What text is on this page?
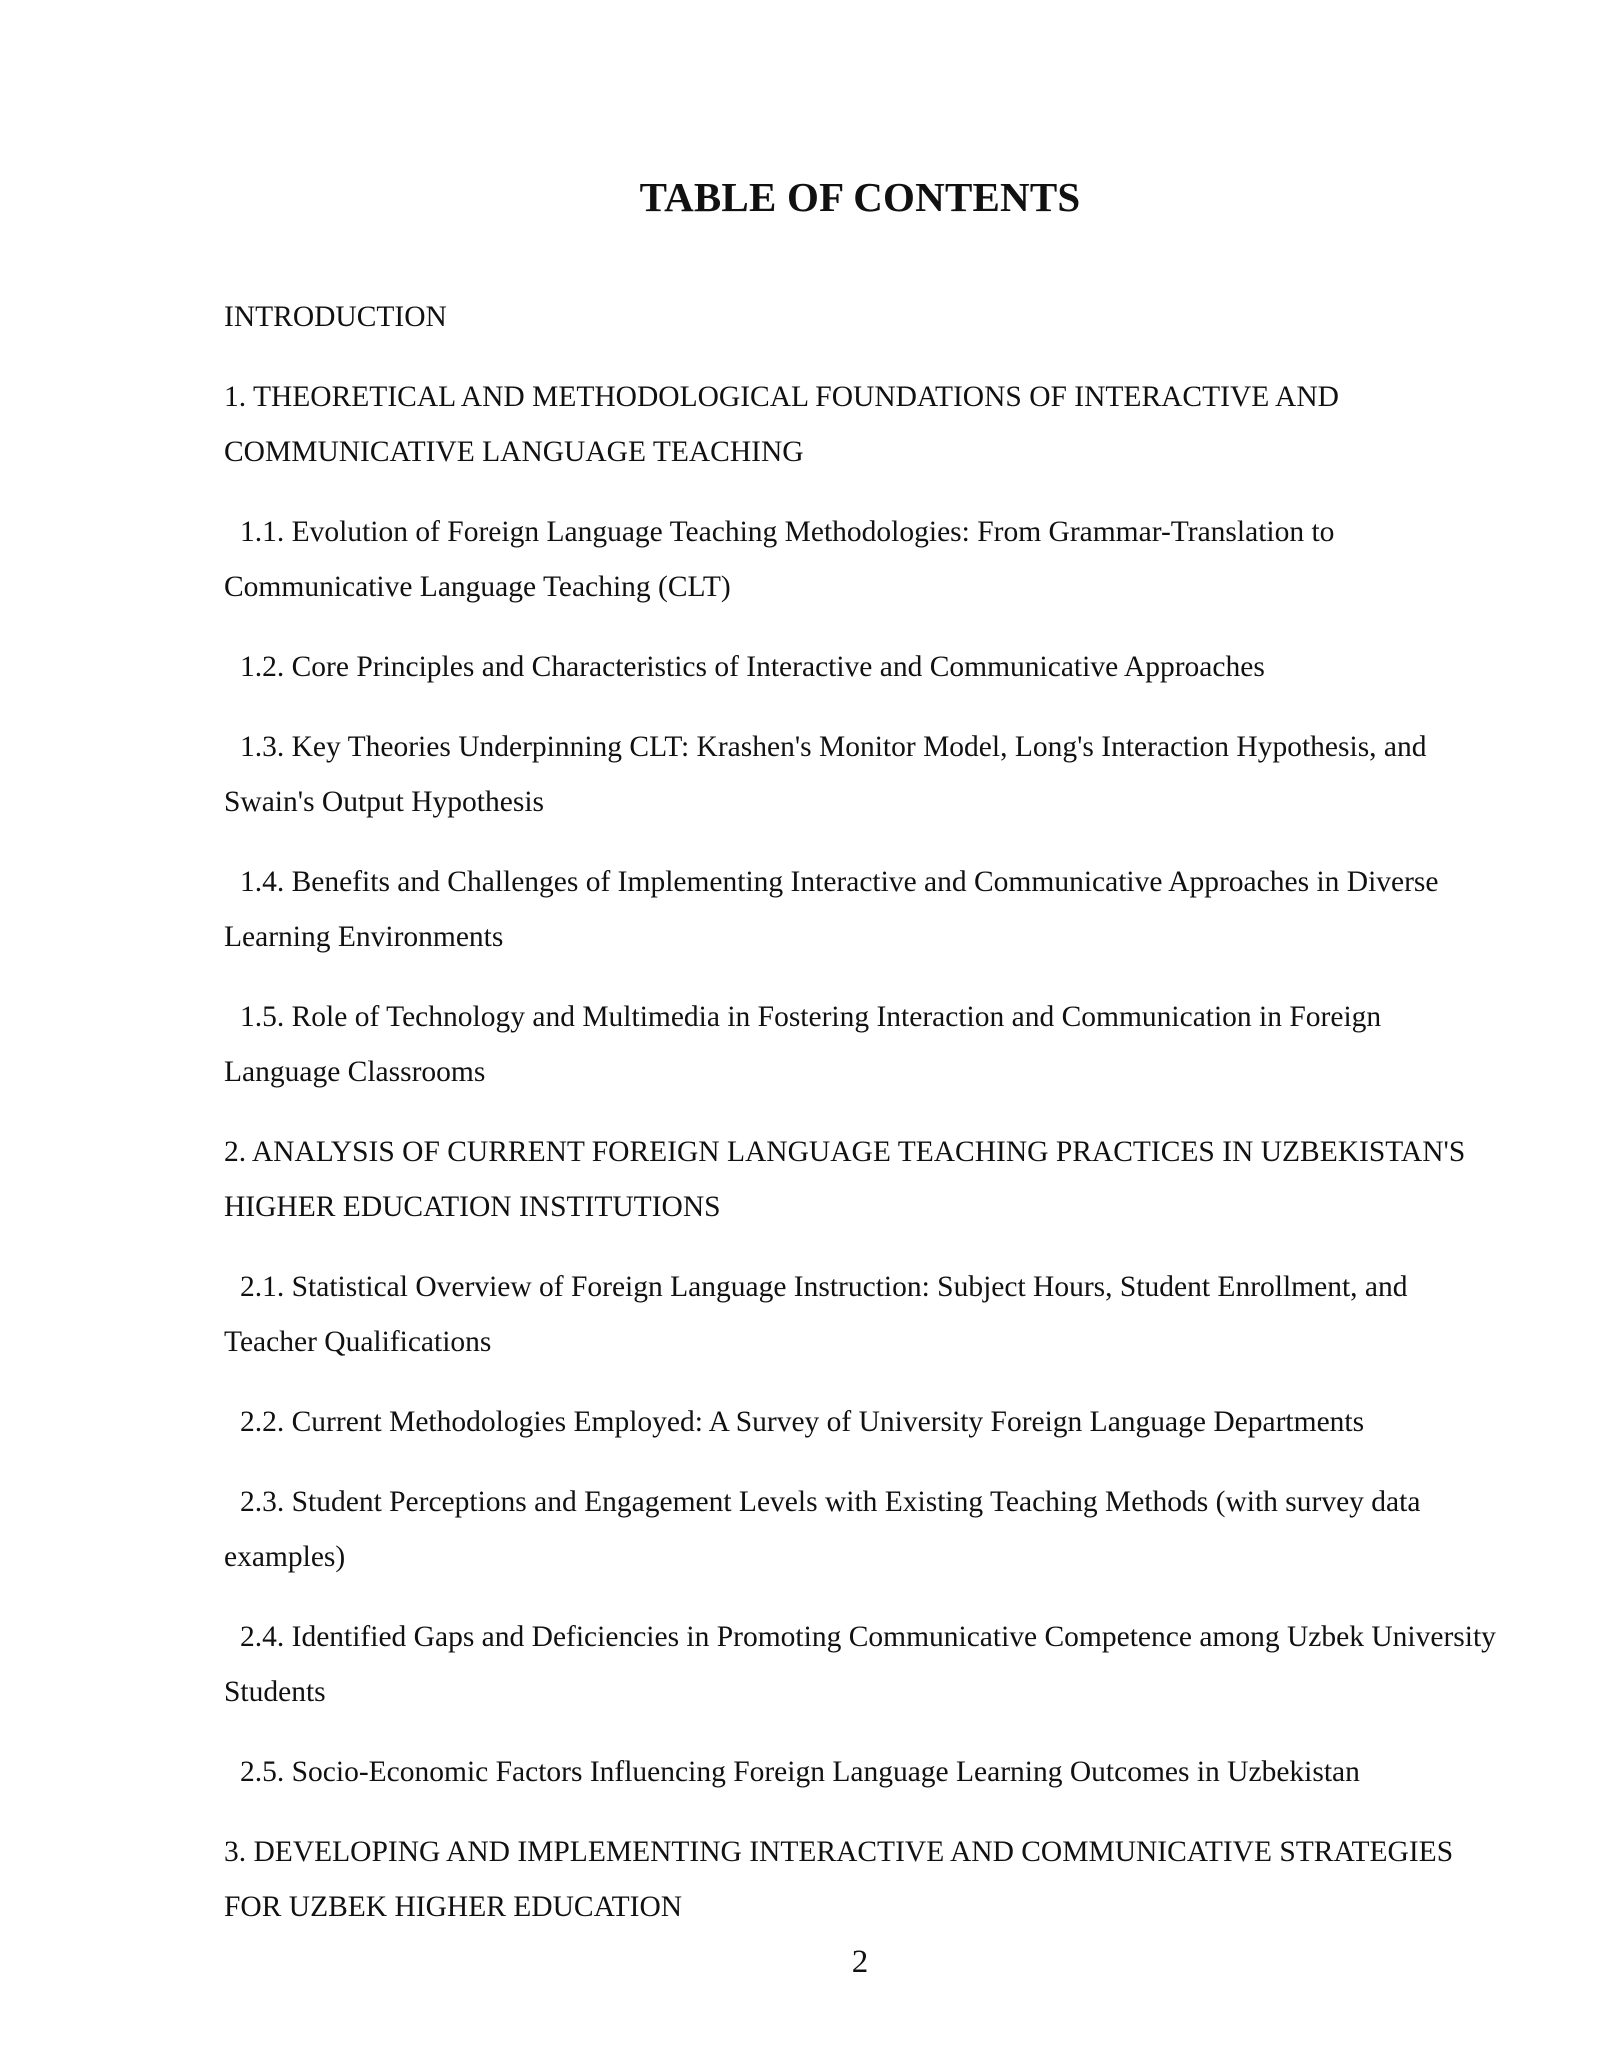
TABLE OF CONTENTS
INTRODUCTION
1. THEORETICAL AND METHODOLOGICAL FOUNDATIONS OF INTERACTIVE AND COMMUNICATIVE LANGUAGE TEACHING
1.1. Evolution of Foreign Language Teaching Methodologies: From Grammar-Translation to Communicative Language Teaching (CLT)
1.2. Core Principles and Characteristics of Interactive and Communicative Approaches
1.3. Key Theories Underpinning CLT: Krashen's Monitor Model, Long's Interaction Hypothesis, and Swain's Output Hypothesis
1.4. Benefits and Challenges of Implementing Interactive and Communicative Approaches in Diverse Learning Environments
1.5. Role of Technology and Multimedia in Fostering Interaction and Communication in Foreign Language Classrooms
2. ANALYSIS OF CURRENT FOREIGN LANGUAGE TEACHING PRACTICES IN UZBEKISTAN'S HIGHER EDUCATION INSTITUTIONS
2.1. Statistical Overview of Foreign Language Instruction: Subject Hours, Student Enrollment, and Teacher Qualifications
2.2. Current Methodologies Employed: A Survey of University Foreign Language Departments
2.3. Student Perceptions and Engagement Levels with Existing Teaching Methods (with survey data examples)
2.4. Identified Gaps and Deficiencies in Promoting Communicative Competence among Uzbek University Students
2.5. Socio-Economic Factors Influencing Foreign Language Learning Outcomes in Uzbekistan
3. DEVELOPING AND IMPLEMENTING INTERACTIVE AND COMMUNICATIVE STRATEGIES FOR UZBEK HIGHER EDUCATION
2
